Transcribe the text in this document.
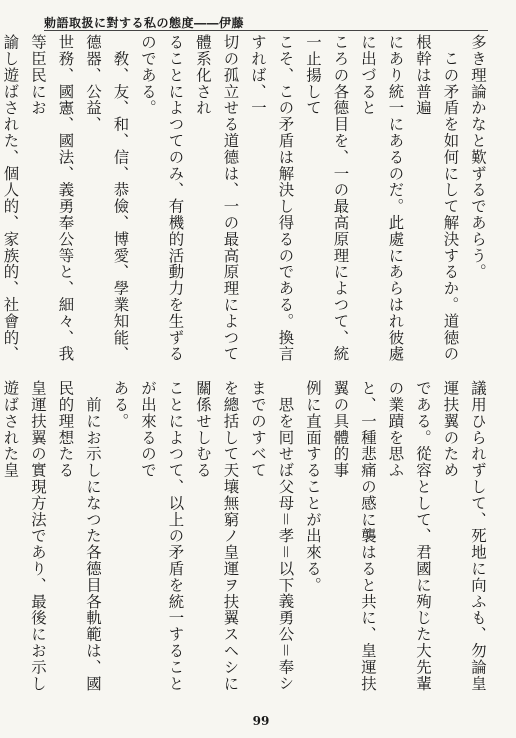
勅語取扱に對する私の態度――伊藤
多き理論かなと歎ずるであらう。
　この矛盾を如何にして解決するか。道徳の根幹は普遍
にあり統一にあるのだ。此處にあらはれ彼處に出づると
ころの各德目を、一の最高原理によつて、統一止揚して
こそ、この矛盾は解決し得るのである。換言すれば、一
切の孤立せる道德は、一の最高原理によつて體系化され
ることによつてのみ、有機的活動力を生ずるのである。
　敎、友、和、信、恭儉、博愛、學業知能、德器、公益、
世務、國憲、國法、義勇奉公等と、細々、我等臣民にお
諭し遊ばされた、個人的、家族的、社會的、

議用ひられずして、死地に向ふも、勿論皇運扶翼のため
である。從容として、君國に殉じた大先輩の業蹟を思ふ
と、一種悲痛の感に襲はると共に、皇運扶翼の具體的事
例に直面することが出來る。
　思を囘せば父母＝孝＝以下義勇公＝奉シまでのすべて
を總括して天壤無窮ノ皇運ヲ扶翼スヘシに關係せしむる
ことによつて、以上の矛盾を統一することが出來るので
ある。
　前にお示しになつた各德目各軌範は、國民的理想たる
皇運扶翼の實現方法であり、最後にお示し遊ばされた皇

99
